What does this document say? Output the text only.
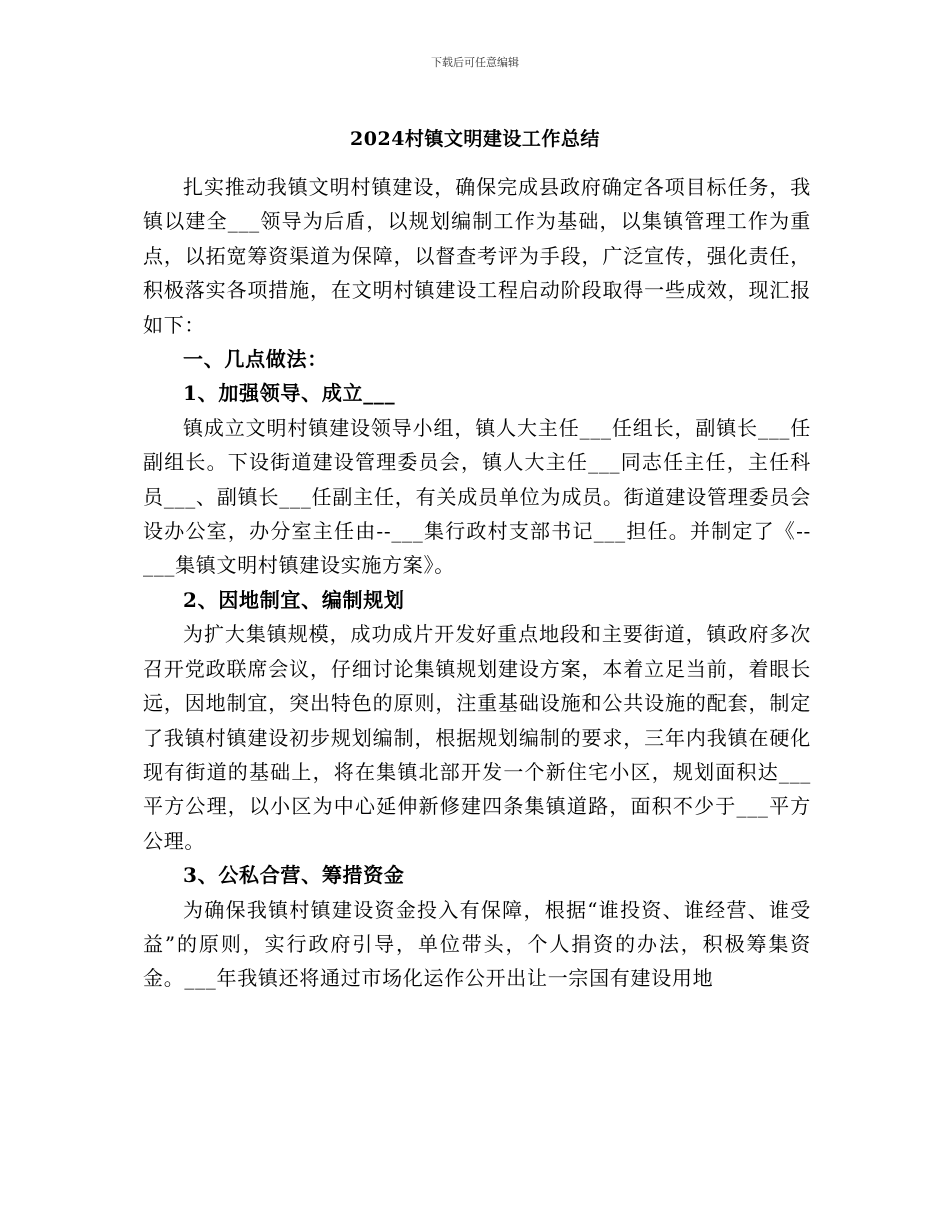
下载后可任意编辑
2024村镇文明建设工作总结

扎实推动我镇文明村镇建设，确保完成县政府确定各项目标任务，我镇以建全___领导为后盾，以规划编制工作为基础，以集镇管理工作为重点，以拓宽筹资渠道为保障，以督查考评为手段，广泛宣传，强化责任，积极落实各项措施，在文明村镇建设工程启动阶段取得一些成效，现汇报如下：

一、几点做法：
1、加强领导、成立___

镇成立文明村镇建设领导小组，镇人大主任___任组长，副镇长___任副组长。下设街道建设管理委员会，镇人大主任___同志任主任，主任科员___、副镇长___任副主任，有关成员单位为成员。街道建设管理委员会设办公室，办分室主任由--___集行政村支部书记___担任。并制定了《--___集镇文明村镇建设实施方案》。

2、因地制宜、编制规划

为扩大集镇规模，成功成片开发好重点地段和主要街道，镇政府多次召开党政联席会议，仔细讨论集镇规划建设方案，本着立足当前，着眼长远，因地制宜，突出特色的原则，注重基础设施和公共设施的配套，制定了我镇村镇建设初步规划编制，根据规划编制的要求，三年内我镇在硬化现有街道的基础上，将在集镇北部开发一个新住宅小区，规划面积达___平方公理，以小区为中心延伸新修建四条集镇道路，面积不少于___平方公理。

3、公私合营、筹措资金

为确保我镇村镇建设资金投入有保障，根据“谁投资、谁经营、谁受益”的原则，实行政府引导，单位带头，个人捐资的办法，积极筹集资金。___年我镇还将通过市场化运作公开出让一宗国有建设用地
